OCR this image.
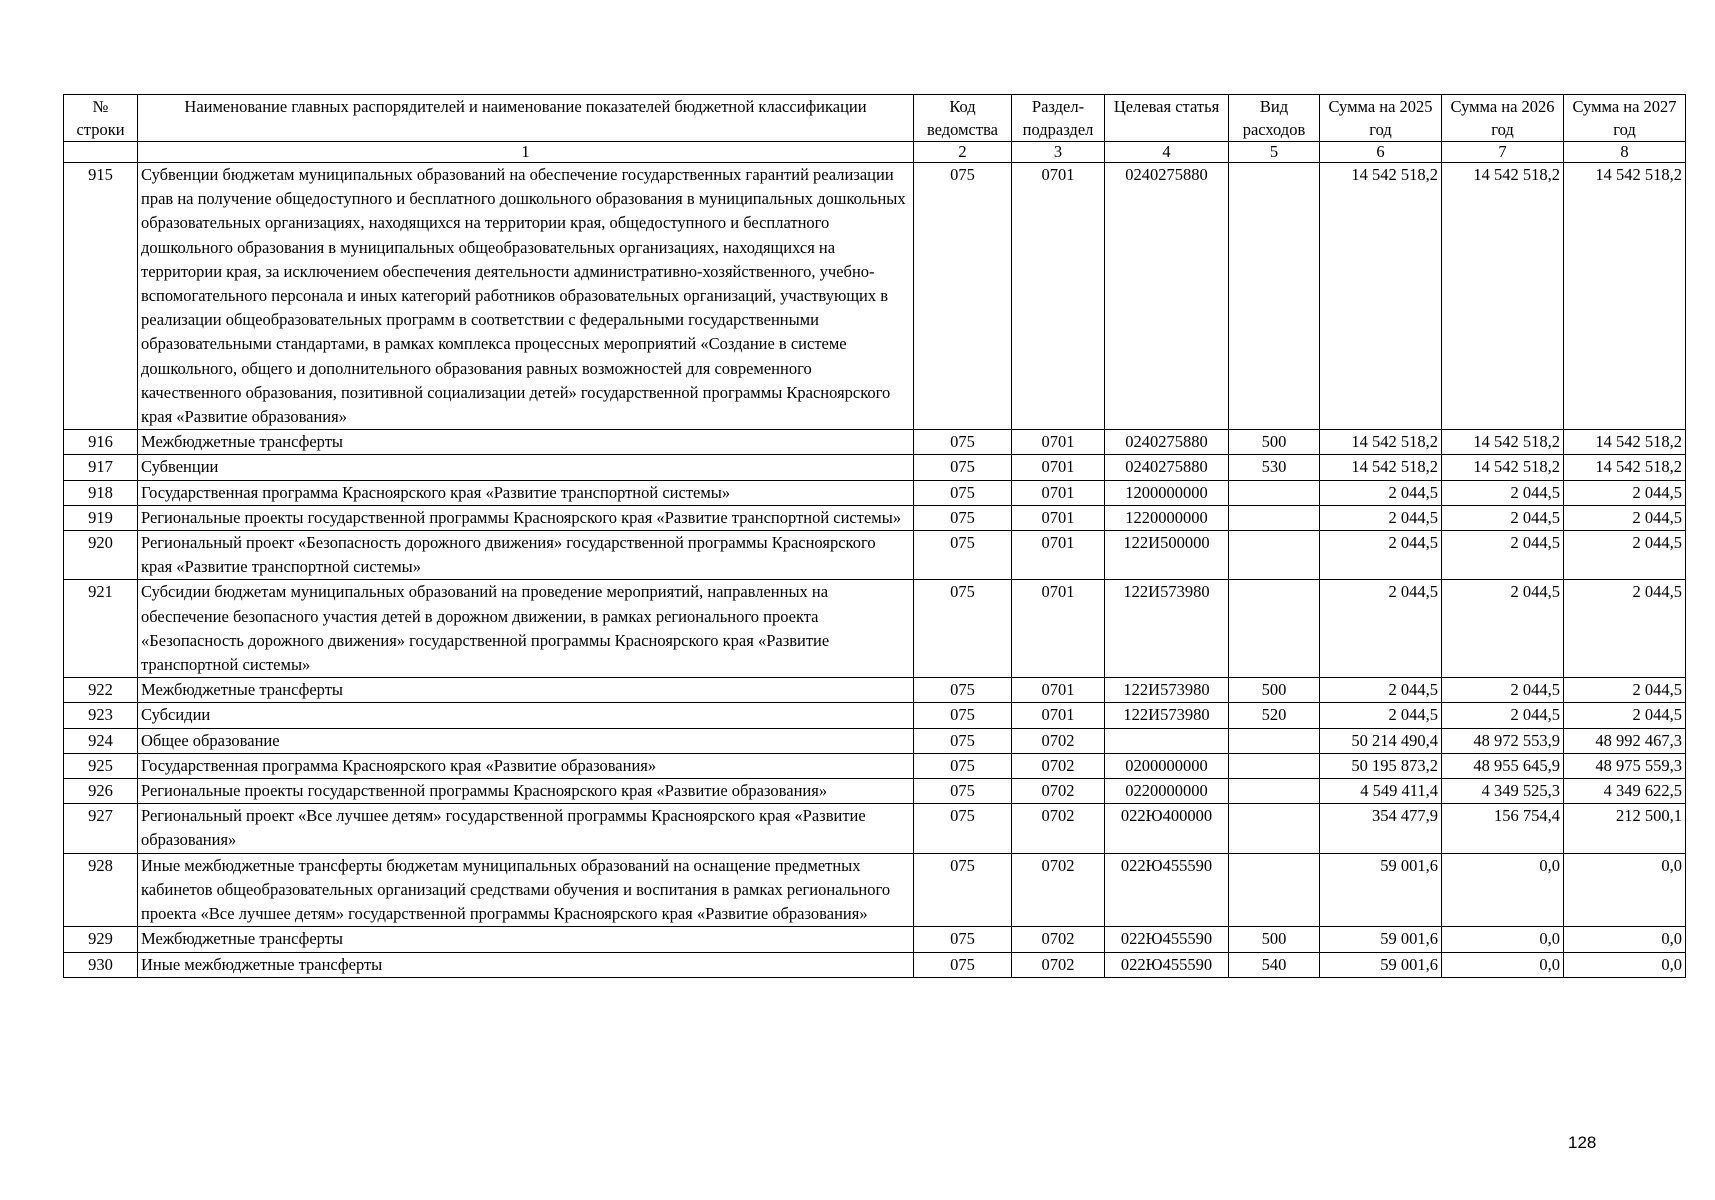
№ строки	Наименование главных распорядителей и наименование показателей бюджетной классификации	Код ведомства	Раздел-подраздел	Целевая статья	Вид расходов	Сумма на 2025 год	Сумма на 2026 год	Сумма на 2027 год
	1	2	3	4	5	6	7	8
915	Субвенции бюджетам муниципальных образований на обеспечение государственных гарантий реализации прав на получение общедоступного и бесплатного дошкольного образования в муниципальных дошкольных образовательных организациях, находящихся на территории края, общедоступного и бесплатного дошкольного образования в муниципальных общеобразовательных организациях, находящихся на территории края, за исключением обеспечения деятельности административно-хозяйственного, учебно-вспомогательного персонала и иных категорий работников образовательных организаций, участвующих в реализации общеобразовательных программ в соответствии с федеральными государственными образовательными стандартами, в рамках комплекса процессных мероприятий «Создание в системе дошкольного, общего и дополнительного образования равных возможностей для современного качественного образования, позитивной социализации детей» государственной программы Красноярского края «Развитие образования»	075	0701	0240275880		14 542 518,2	14 542 518,2	14 542 518,2
916	Межбюджетные трансферты	075	0701	0240275880	500	14 542 518,2	14 542 518,2	14 542 518,2
917	Субвенции	075	0701	0240275880	530	14 542 518,2	14 542 518,2	14 542 518,2
918	Государственная программа Красноярского края «Развитие транспортной системы»	075	0701	1200000000		2 044,5	2 044,5	2 044,5
919	Региональные проекты государственной программы Красноярского края «Развитие транспортной системы»	075	0701	1220000000		2 044,5	2 044,5	2 044,5
920	Региональный проект «Безопасность дорожного движения» государственной программы Красноярского края «Развитие транспортной системы»	075	0701	122И500000		2 044,5	2 044,5	2 044,5
921	Субсидии бюджетам муниципальных образований на проведение мероприятий, направленных на обеспечение безопасного участия детей в дорожном движении, в рамках регионального проекта «Безопасность дорожного движения» государственной программы Красноярского края «Развитие транспортной системы»	075	0701	122И573980		2 044,5	2 044,5	2 044,5
922	Межбюджетные трансферты	075	0701	122И573980	500	2 044,5	2 044,5	2 044,5
923	Субсидии	075	0701	122И573980	520	2 044,5	2 044,5	2 044,5
924	Общее образование	075	0702			50 214 490,4	48 972 553,9	48 992 467,3
925	Государственная программа Красноярского края «Развитие образования»	075	0702	0200000000		50 195 873,2	48 955 645,9	48 975 559,3
926	Региональные проекты государственной программы Красноярского края «Развитие образования»	075	0702	0220000000		4 549 411,4	4 349 525,3	4 349 622,5
927	Региональный проект «Все лучшее детям» государственной программы Красноярского края «Развитие образования»	075	0702	022Ю400000		354 477,9	156 754,4	212 500,1
928	Иные межбюджетные трансферты бюджетам муниципальных образований на оснащение предметных кабинетов общеобразовательных организаций средствами обучения и воспитания в рамках регионального проекта «Все лучшее детям» государственной программы Красноярского края «Развитие образования»	075	0702	022Ю455590		59 001,6	0,0	0,0
929	Межбюджетные трансферты	075	0702	022Ю455590	500	59 001,6	0,0	0,0
930	Иные межбюджетные трансферты	075	0702	022Ю455590	540	59 001,6	0,0	0,0
128
